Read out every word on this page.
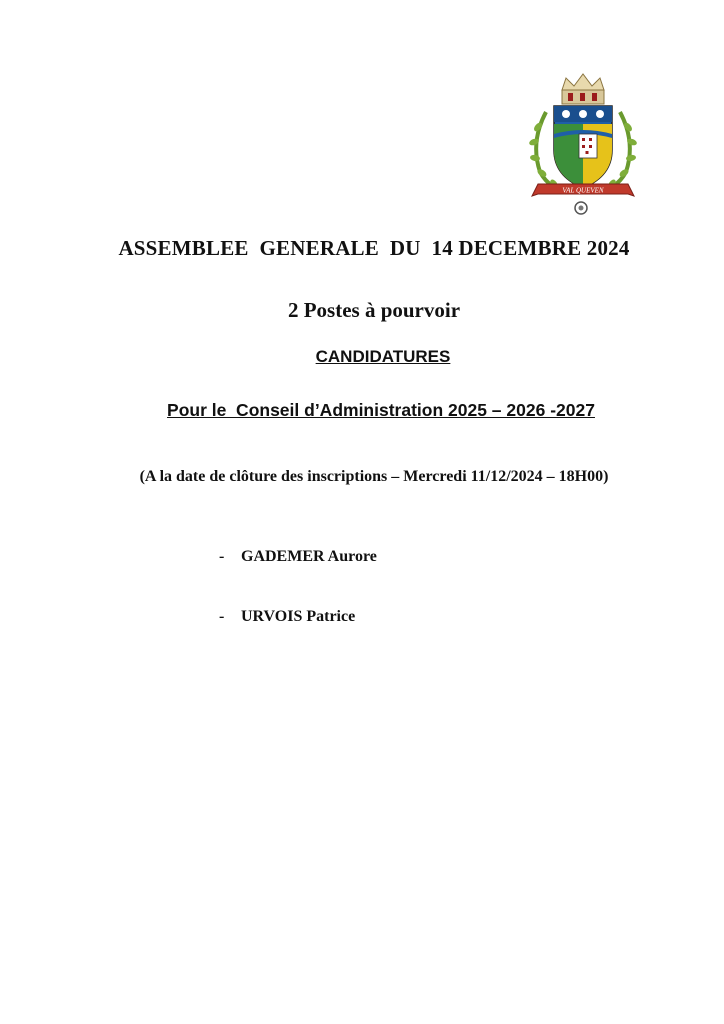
VAL QUEVEN
ASSEMBLEE  GENERALE  DU  14 DECEMBRE 2024
2 Postes à pourvoir
CANDIDATURES
Pour le  Conseil d’Administration 2025 – 2026 -2027
(A la date de clôture des inscriptions – Mercredi 11/12/2024 – 18H00)
- GADEMER Aurore
- URVOIS Patrice
